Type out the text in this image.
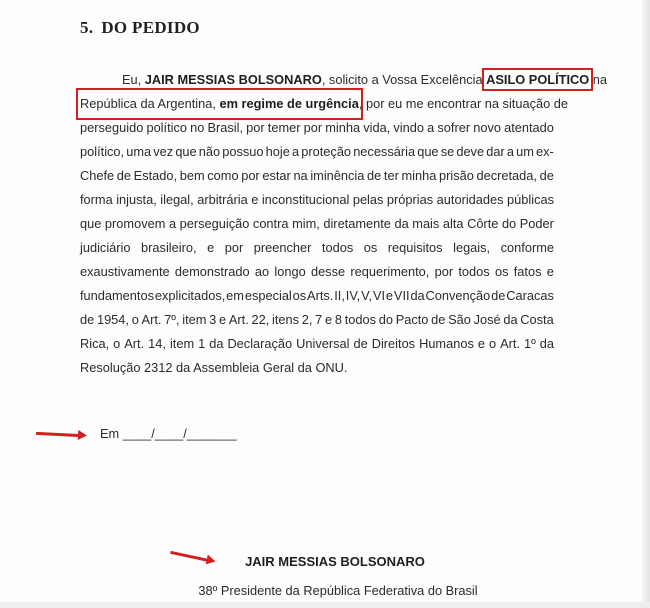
5. DO PEDIDO
Eu, JAIR MESSIAS BOLSONARO, solicito a Vossa Excelência ASILO POLÍTICO na
República da Argentina, em regime de urgência , por eu me encontrar na situação de
perseguido político no Brasil, por temer por minha vida, vindo a sofrer novo atentado
político, uma vez que não possuo hoje a proteção necessária que se deve dar a um ex-
Chefe de Estado, bem como por estar na iminência de ter minha prisão decretada, de
forma injusta, ilegal, arbitrária e inconstitucional pelas próprias autoridades públicas
que promovem a perseguição contra mim, diretamente da mais alta Côrte do Poder
judiciário brasileiro, e por preencher todos os requisitos legais, conforme
exaustivamente demonstrado ao longo desse requerimento, por todos os fatos e
fundamentos explicitados, em especial os Arts. II, IV, V, VI e VII da Convenção de Caracas
de 1954, o Art. 7º, item 3 e Art. 22, itens 2, 7 e 8 todos do Pacto de São José da Costa
Rica, o Art. 14, item 1 da Declaração Universal de Direitos Humanos e o Art. 1º da
Resolução 2312 da Assembleia Geral da ONU.
Em ____/____/_______
JAIR MESSIAS BOLSONARO
38º Presidente da República Federativa do Brasil
